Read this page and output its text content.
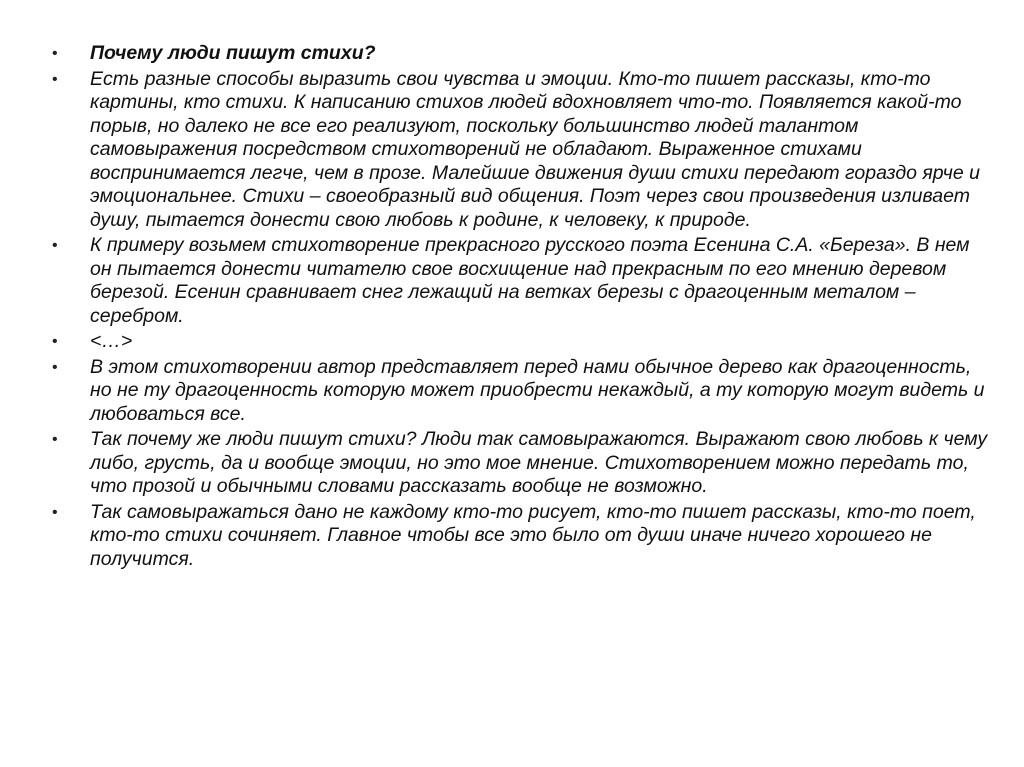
• Почему люди пишут стихи?
• Есть разные способы выразить свои чувства и эмоции. Кто-то пишет рассказы, кто-то картины, кто стихи. К написанию стихов людей вдохновляет что-то. Появляется какой-то порыв, но далеко не все его реализуют, поскольку большинство людей талантом самовыражения посредством стихотворений не обладают. Выраженное стихами воспринимается легче, чем в прозе. Малейшие движения души стихи передают гораздо ярче и эмоциональнее. Стихи – своеобразный вид общения. Поэт через свои произведения изливает душу, пытается донести свою любовь к родине, к человеку, к природе.
• К примеру возьмем стихотворение прекрасного русского поэта Есенина С.А. «Береза». В нем он пытается донести читателю свое восхищение над прекрасным по его мнению деревом березой. Есенин сравнивает снег лежащий на ветках березы с драгоценным металом – серебром.
• <…>
• В этом стихотворении автор представляет перед нами обычное дерево как драгоценность, но не ту драгоценность которую может приобрести некаждый, а ту которую могут видеть и любоваться все.
• Так почему же люди пишут стихи? Люди так самовыражаются. Выражают свою любовь к чему либо, грусть, да и вообще эмоции, но это мое мнение. Стихотворением можно передать то, что прозой и обычными словами рассказать вообще не возможно.
• Так самовыражаться дано не каждому кто-то рисует, кто-то пишет рассказы, кто-то поет, кто-то стихи сочиняет. Главное чтобы все это было от души иначе ничего хорошего не получится.
